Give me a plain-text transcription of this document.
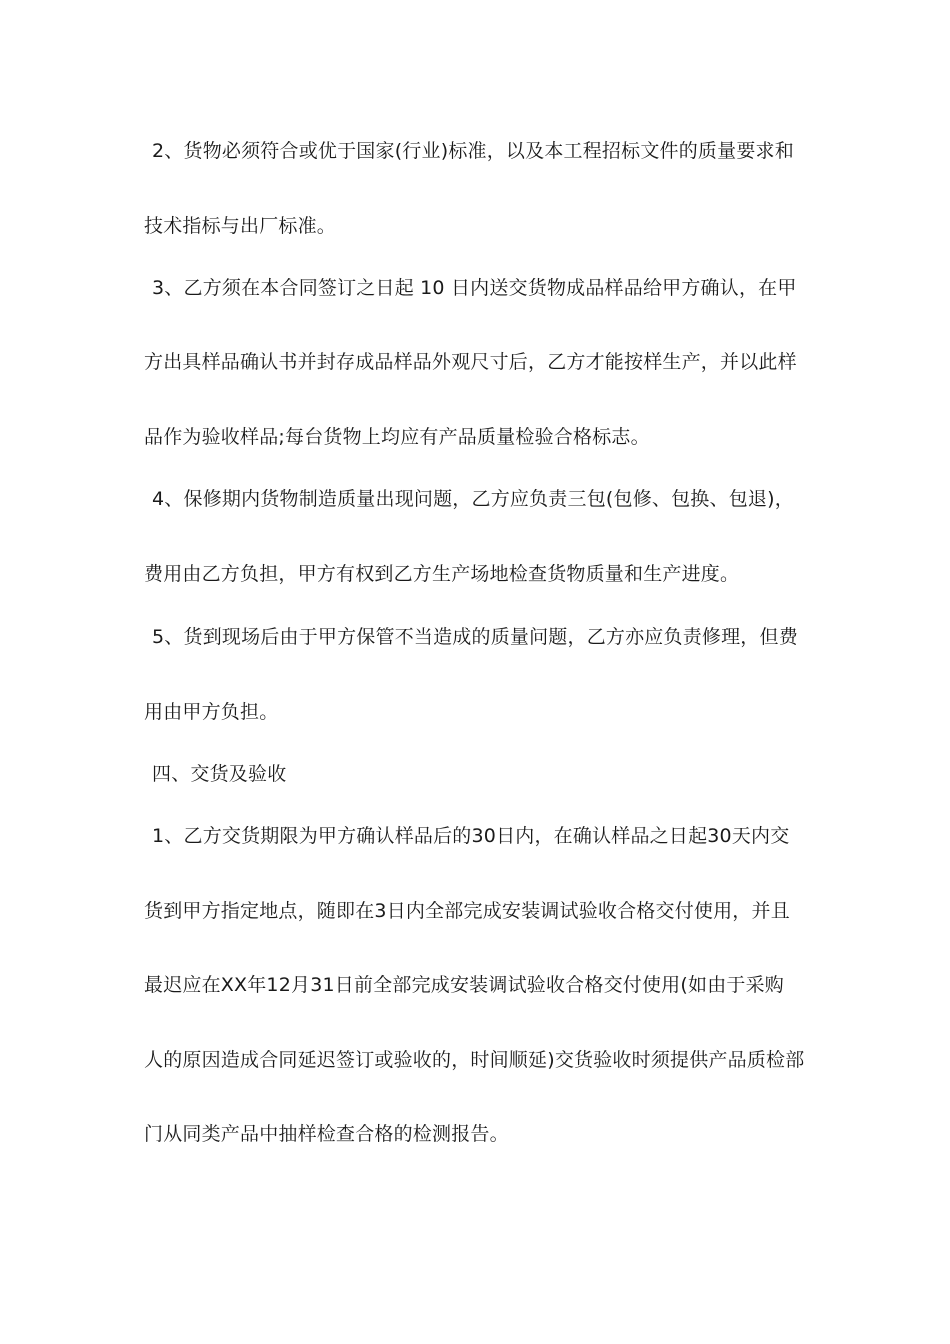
2、货物必须符合或优于国家(行业)标准，以及本工程招标文件的质量要求和
技术指标与出厂标准。
3、乙方须在本合同签订之日起 10 日内送交货物成品样品给甲方确认，在甲
方出具样品确认书并封存成品样品外观尺寸后，乙方才能按样生产，并以此样
品作为验收样品;每台货物上均应有产品质量检验合格标志。
4、保修期内货物制造质量出现问题，乙方应负责三包(包修、包换、包退)，
费用由乙方负担，甲方有权到乙方生产场地检查货物质量和生产进度。
5、货到现场后由于甲方保管不当造成的质量问题，乙方亦应负责修理，但费
用由甲方负担。
四、交货及验收
1、乙方交货期限为甲方确认样品后的30日内，在确认样品之日起30天内交
货到甲方指定地点，随即在3日内全部完成安装调试验收合格交付使用，并且
最迟应在XX年12月31日前全部完成安装调试验收合格交付使用(如由于采购
人的原因造成合同延迟签订或验收的，时间顺延)交货验收时须提供产品质检部
门从同类产品中抽样检查合格的检测报告。
